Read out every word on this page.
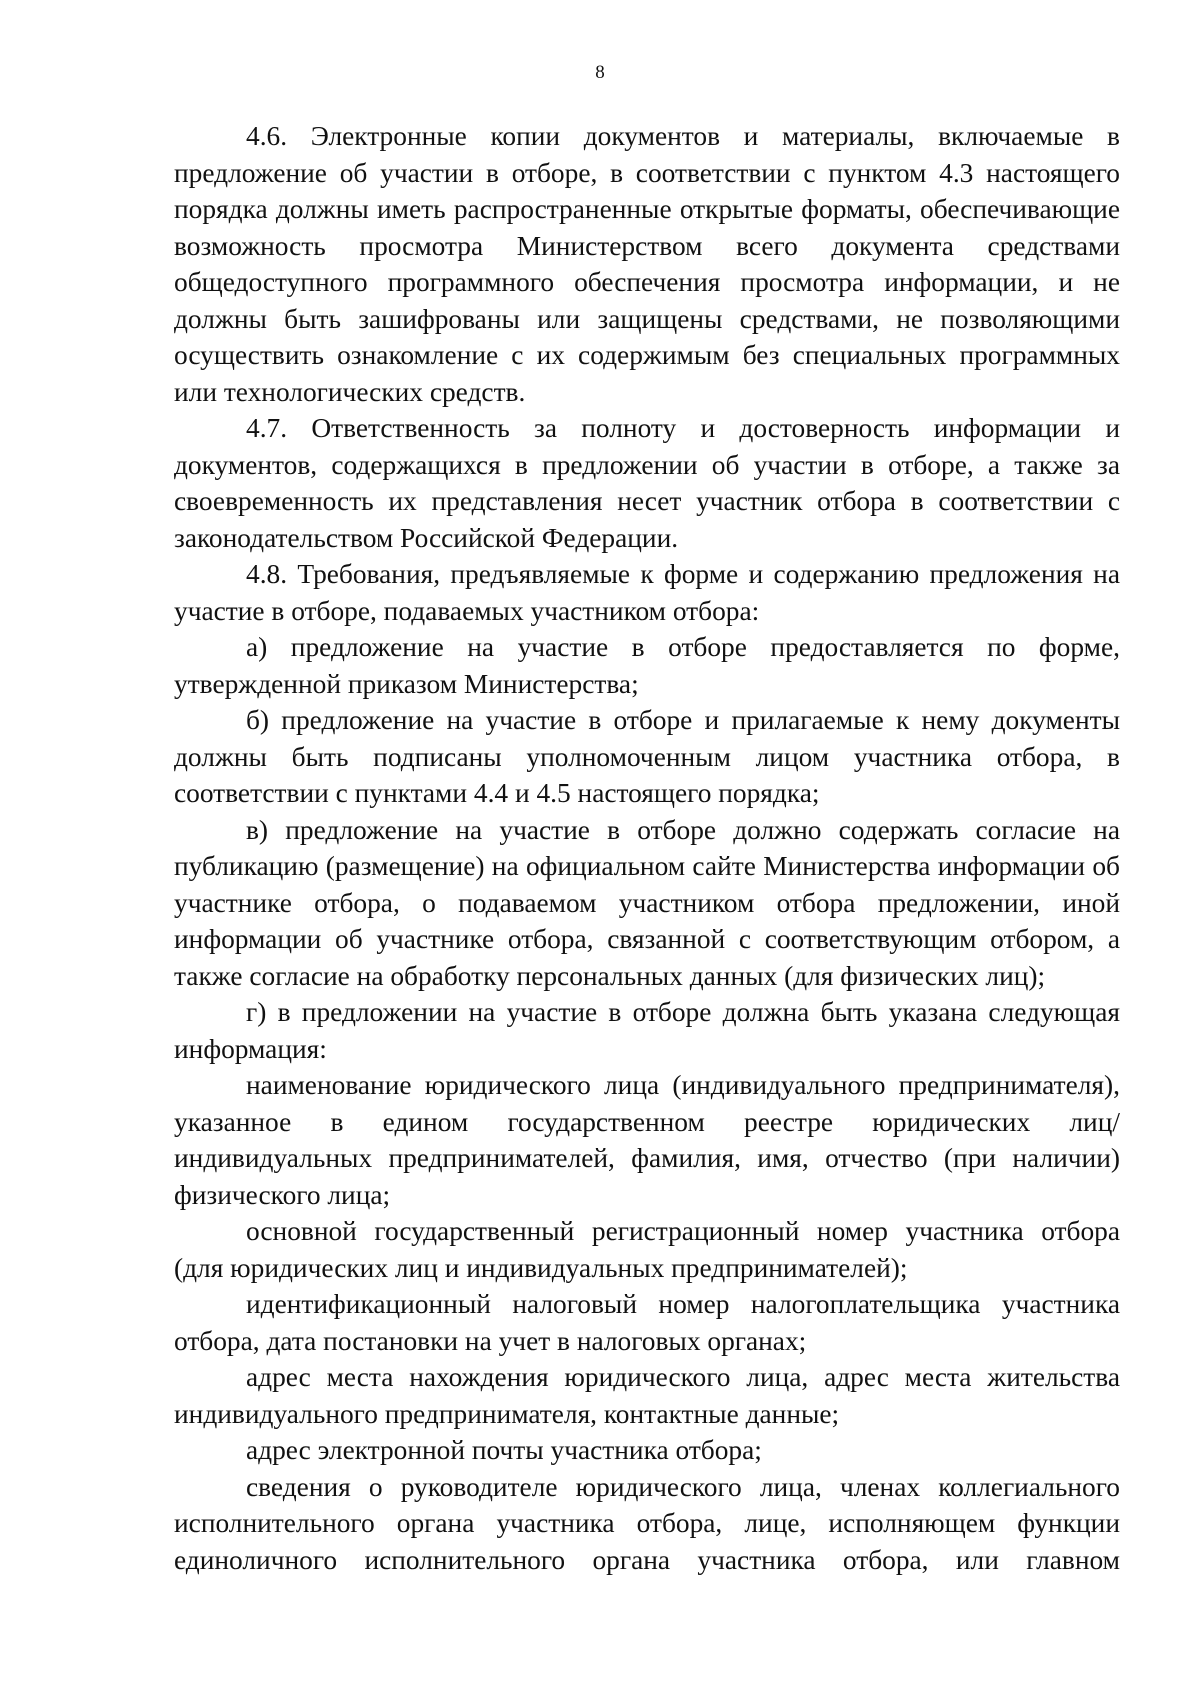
8

4.6. Электронные копии документов и материалы, включаемые в предложение об участии в отборе, в соответствии с пунктом 4.3 настоящего порядка должны иметь распространенные открытые форматы, обеспечивающие возможность просмотра Министерством всего документа средствами общедоступного программного обеспечения просмотра информации, и не должны быть зашифрованы или защищены средствами, не позволяющими осуществить ознакомление с их содержимым без специальных программных или технологических средств.

4.7. Ответственность за полноту и достоверность информации и документов, содержащихся в предложении об участии в отборе, а также за своевременность их представления несет участник отбора в соответствии с законодательством Российской Федерации.

4.8. Требования, предъявляемые к форме и содержанию предложения на участие в отборе, подаваемых участником отбора:

а) предложение на участие в отборе предоставляется по форме, утвержденной приказом Министерства;

б) предложение на участие в отборе и прилагаемые к нему документы должны быть подписаны уполномоченным лицом участника отбора, в соответствии с пунктами 4.4 и 4.5 настоящего порядка;

в) предложение на участие в отборе должно содержать согласие на публикацию (размещение) на официальном сайте Министерства информации об участнике отбора, о подаваемом участником отбора предложении, иной информации об участнике отбора, связанной с соответствующим отбором, а также согласие на обработку персональных данных (для физических лиц);

г) в предложении на участие в отборе должна быть указана следующая информация:

наименование юридического лица (индивидуального предпринимателя), указанное в едином государственном реестре юридических лиц/индивидуальных предпринимателей, фамилия, имя, отчество (при наличии) физического лица;

основной государственный регистрационный номер участника отбора (для юридических лиц и индивидуальных предпринимателей);

идентификационный налоговый номер налогоплательщика участника отбора, дата постановки на учет в налоговых органах;

адрес места нахождения юридического лица, адрес места жительства индивидуального предпринимателя, контактные данные;

адрес электронной почты участника отбора;

сведения о руководителе юридического лица, членах коллегиального исполнительного органа участника отбора, лице, исполняющем функции единоличного исполнительного органа участника отбора, или главном
